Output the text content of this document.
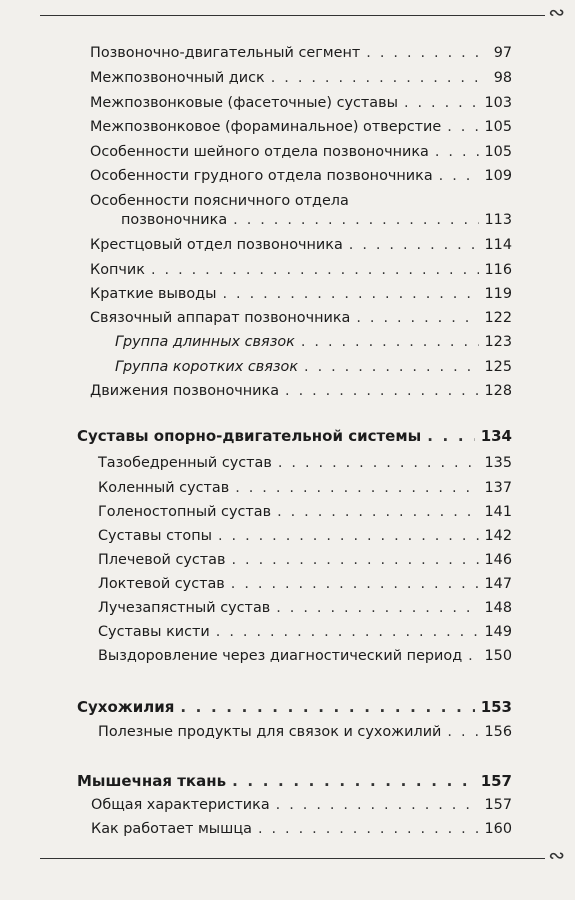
∾
Позвоночно-двигательный сегмент . . .	97
Межпозвоночный диск . . .	98
Межпозвонковые (фасеточные) суставы . . .	103
Межпозвонковое (фораминальное) отверстие . . .	105
Особенности шейного отдела позвоночника . . .	105
Особенности грудного отдела позвоночника . . .	109
Особенности поясничного отдела
позвоночника . . .	113
Крестцовый отдел позвоночника . . .	114
Копчик . . .	116
Краткие выводы . . .	119
Связочный аппарат позвоночника . . .	122
Группа длинных связок . . .	123
Группа коротких связок . . .	125
Движения позвоночника . . .	128
Суставы опорно-двигательной системы . . .	134
Тазобедренный сустав . . .	135
Коленный сустав . . .	137
Голеностопный сустав . . .	141
Суставы стопы . . .	142
Плечевой сустав . . .	146
Локтевой сустав . . .	147
Лучезапястный сустав . . .	148
Суставы кисти . . .	149
Выздоровление через диагностический период . . . 150
Сухожилия . . .	153
Полезные продукты для связок и сухожилий . . .	156
Мышечная ткань . . .	157
Общая характеристика . . .	157
Как работает мышца . . .	160
∾
